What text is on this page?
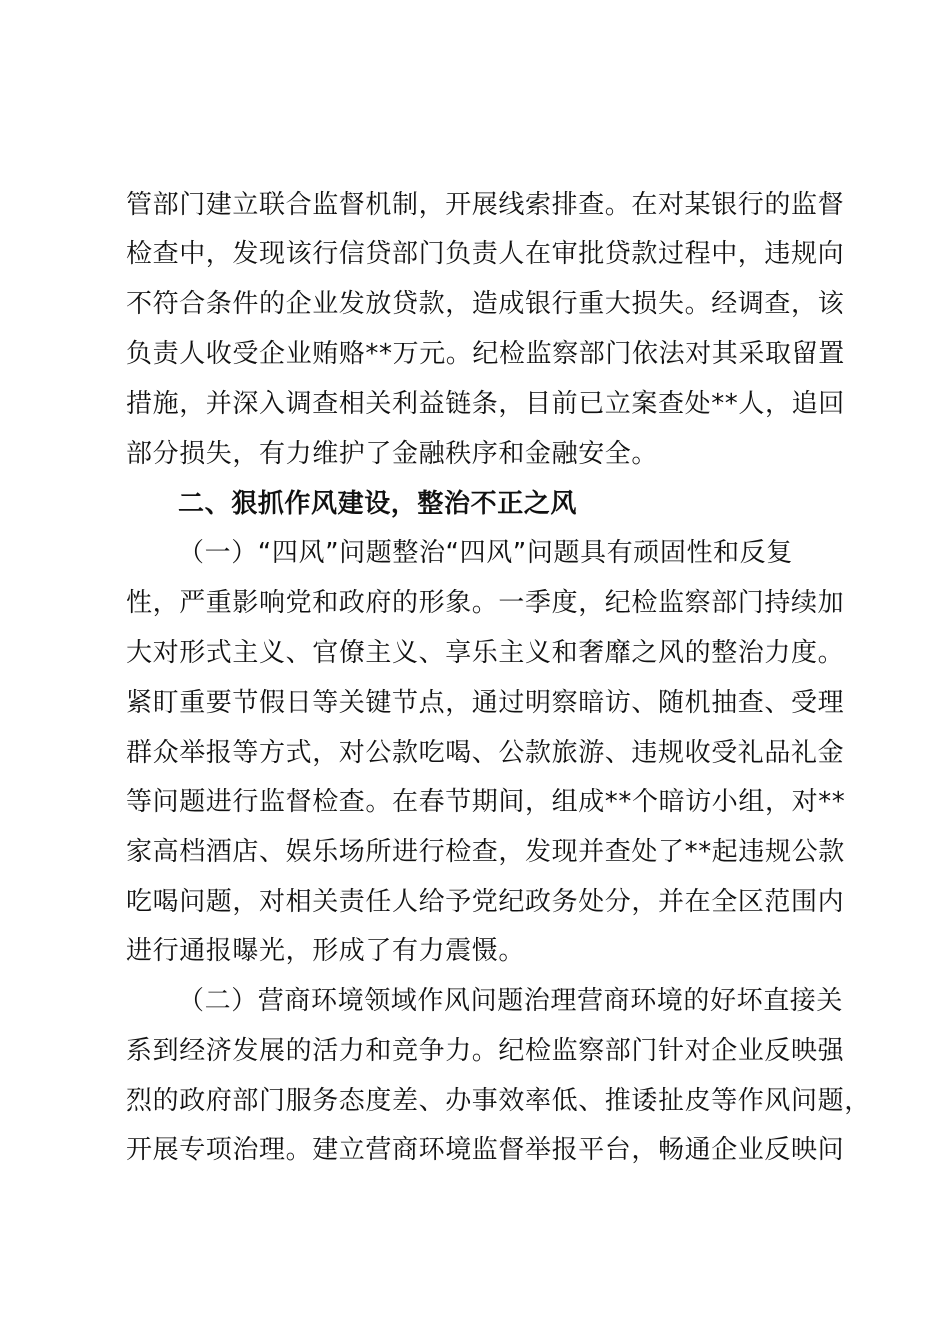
管部门建立联合监督机制，开展线索排查。在对某银行的监督
检查中，发现该行信贷部门负责人在审批贷款过程中，违规向
不符合条件的企业发放贷款，造成银行重大损失。经调查，该
负责人收受企业贿赂**万元。纪检监察部门依法对其采取留置
措施，并深入调查相关利益链条，目前已立案查处**人，追回
部分损失，有力维护了金融秩序和金融安全。
二、狠抓作风建设，整治不正之风
（一）“四风”问题整治“四风”问题具有顽固性和反复
性，严重影响党和政府的形象。一季度，纪检监察部门持续加
大对形式主义、官僚主义、享乐主义和奢靡之风的整治力度。
紧盯重要节假日等关键节点，通过明察暗访、随机抽查、受理
群众举报等方式，对公款吃喝、公款旅游、违规收受礼品礼金
等问题进行监督检查。在春节期间，组成**个暗访小组，对**
家高档酒店、娱乐场所进行检查，发现并查处了**起违规公款
吃喝问题，对相关责任人给予党纪政务处分，并在全区范围内
进行通报曝光，形成了有力震慑。
（二）营商环境领域作风问题治理营商环境的好坏直接关
系到经济发展的活力和竞争力。纪检监察部门针对企业反映强
烈的政府部门服务态度差、办事效率低、推诿扯皮等作风问题，
开展专项治理。建立营商环境监督举报平台，畅通企业反映问
